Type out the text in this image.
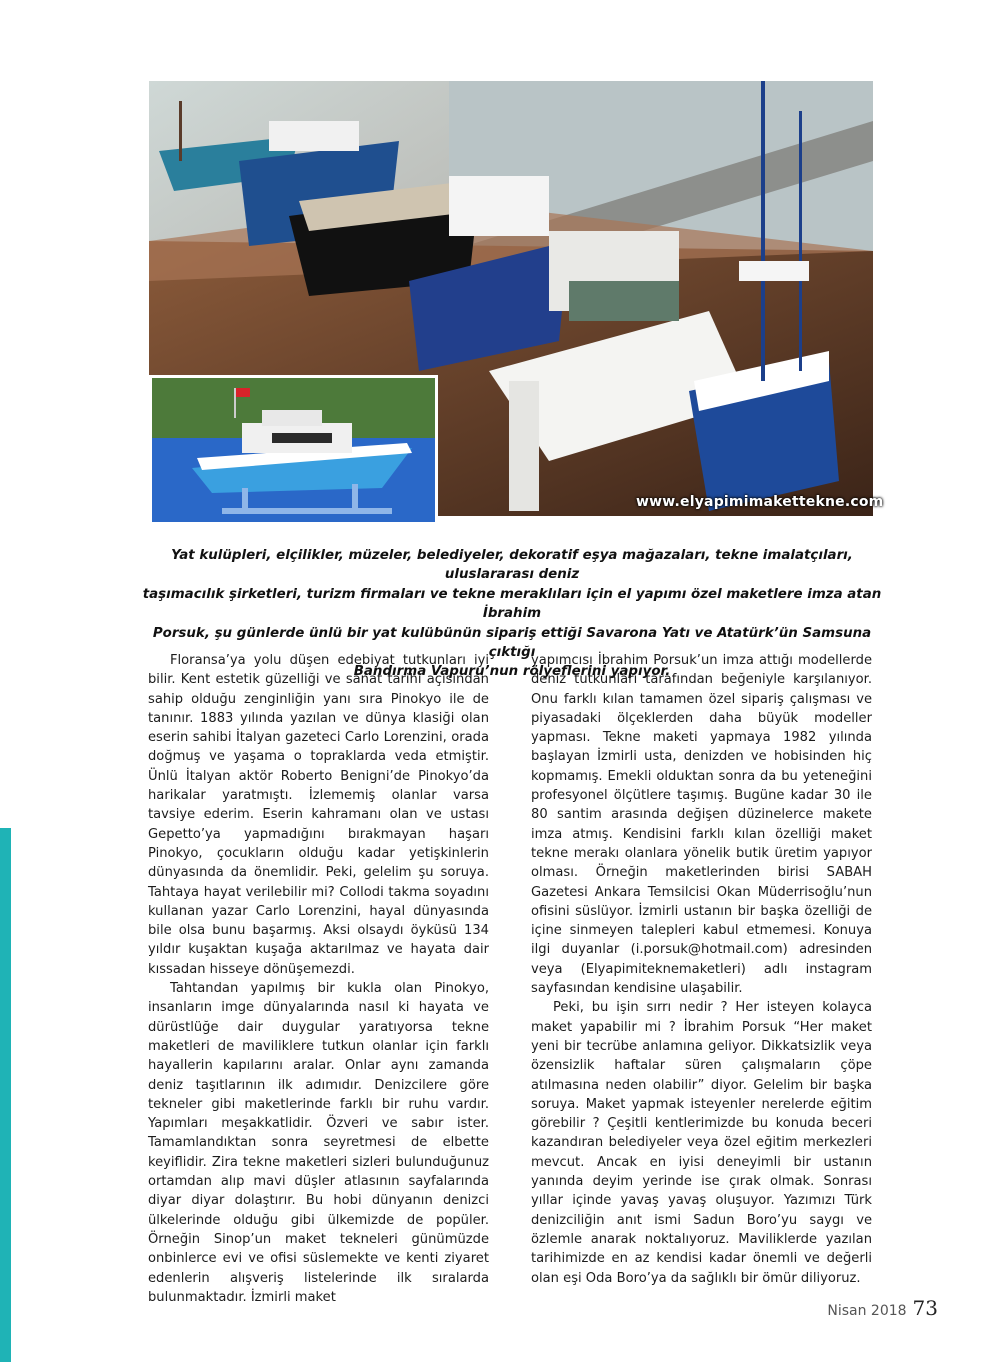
www.elyapimimakettekne.com

Yat kulüpleri, elçilikler, müzeler, belediyeler, dekoratif eşya mağazaları, tekne imalatçıları, uluslararası deniz

taşımacılık şirketleri, turizm firmaları ve tekne meraklıları için el yapımı özel maketlere imza atan İbrahim

Porsuk, şu günlerde ünlü bir yat kulübünün sipariş ettiği Savarona Yatı ve Atatürk’ün Samsuna çıktığı

Bandırma Vapuru’nun rölyeflerini yapıyor.

Floransa’ya yolu düşen edebiyat tutkunları iyi bilir. Kent estetik güzelliği ve sanat tarihi açısından sahip olduğu zenginliğin yanı sıra Pinokyo ile de tanınır. 1883 yılında yazılan ve dünya klasiği olan eserin sahibi İtalyan gazeteci Carlo Lorenzini, orada doğmuş ve yaşama o topraklarda veda etmiştir. Ünlü İtalyan aktör Roberto Benigni’de Pinokyo’da harikalar yaratmıştı. İzlememiş olanlar varsa tavsiye ederim. Eserin kahramanı olan ve ustası Gepetto’ya yapmadığını bırakmayan haşarı Pinokyo, çocukların olduğu kadar yetişkinlerin dünyasında da önemlidir. Peki, gelelim şu soruya. Tahtaya hayat verilebilir mi? Collodi takma soyadını kullanan yazar Carlo Lorenzini, hayal dünyasında bile olsa bunu başarmış. Aksi olsaydı öyküsü 134 yıldır kuşaktan kuşağa aktarılmaz ve hayata dair kıssadan hisseye dönüşemezdi.

Tahtandan yapılmış bir kukla olan Pinokyo, insanların imge dünyalarında nasıl ki hayata ve dürüstlüğe dair duygular yaratıyorsa tekne maketleri de maviliklere tutkun olanlar için farklı hayallerin kapılarını aralar. Onlar aynı zamanda deniz taşıtlarının ilk adımıdır. Denizcilere göre tekneler gibi maketlerinde farklı bir ruhu vardır. Yapımları meşakkatlidir. Özveri ve sabır ister. Tamamlandıktan sonra seyretmesi de elbette keyiflidir. Zira tekne maketleri sizleri bulunduğunuz ortamdan alıp mavi düşler atlasının sayfalarında diyar diyar dolaştırır. Bu hobi dünyanın denizci ülkelerinde olduğu gibi ülkemizde de popüler. Örneğin Sinop’un maket tekneleri günümüzde onbinlerce evi ve ofisi süslemekte ve kenti ziyaret edenlerin alışveriş listelerinde ilk sıralarda bulunmaktadır. İzmirli maket

yapımcısı İbrahim Porsuk’un imza attığı modellerde deniz tutkunları tarafından beğeniyle karşılanıyor. Onu farklı kılan tamamen özel sipariş çalışması ve piyasadaki ölçeklerden daha büyük modeller yapması. Tekne maketi yapmaya 1982 yılında başlayan İzmirli usta, denizden ve hobisinden hiç kopmamış. Emekli olduktan sonra da bu yeteneğini profesyonel ölçütlere taşımış. Bugüne kadar 30 ile 80 santim arasında değişen düzinelerce makete imza atmış. Kendisini farklı kılan özelliği maket tekne merakı olanlara yönelik butik üretim yapıyor olması. Örneğin maketlerinden birisi SABAH Gazetesi Ankara Temsilcisi Okan Müderrisoğlu’nun ofisini süslüyor. İzmirli ustanın bir başka özelliği de içine sinmeyen talepleri kabul etmemesi. Konuya ilgi duyanlar (i.porsuk@hotmail.com) adresinden veya (Elyapimiteknemaketleri) adlı instagram sayfasından kendisine ulaşabilir.

Peki, bu işin sırrı nedir ? Her isteyen kolayca maket yapabilir mi ? İbrahim Porsuk “Her maket yeni bir tecrübe anlamına geliyor. Dikkatsizlik veya özensizlik haftalar süren çalışmaların çöpe atılmasına neden olabilir” diyor. Gelelim bir başka soruya. Maket yapmak isteyenler nerelerde eğitim görebilir ? Çeşitli kentlerimizde bu konuda beceri kazandıran belediyeler veya özel eğitim merkezleri mevcut. Ancak en iyisi deneyimli bir ustanın yanında deyim yerinde ise çırak olmak. Sonrası yıllar içinde yavaş yavaş oluşuyor. Yazımızı Türk denizciliğin anıt ismi Sadun Boro’yu saygı ve özlemle anarak noktalıyoruz. Maviliklerde yazılan tarihimizde en az kendisi kadar önemli ve değerli olan eşi Oda Boro’ya da sağlıklı bir ömür diliyoruz.

Nisan 2018 73
